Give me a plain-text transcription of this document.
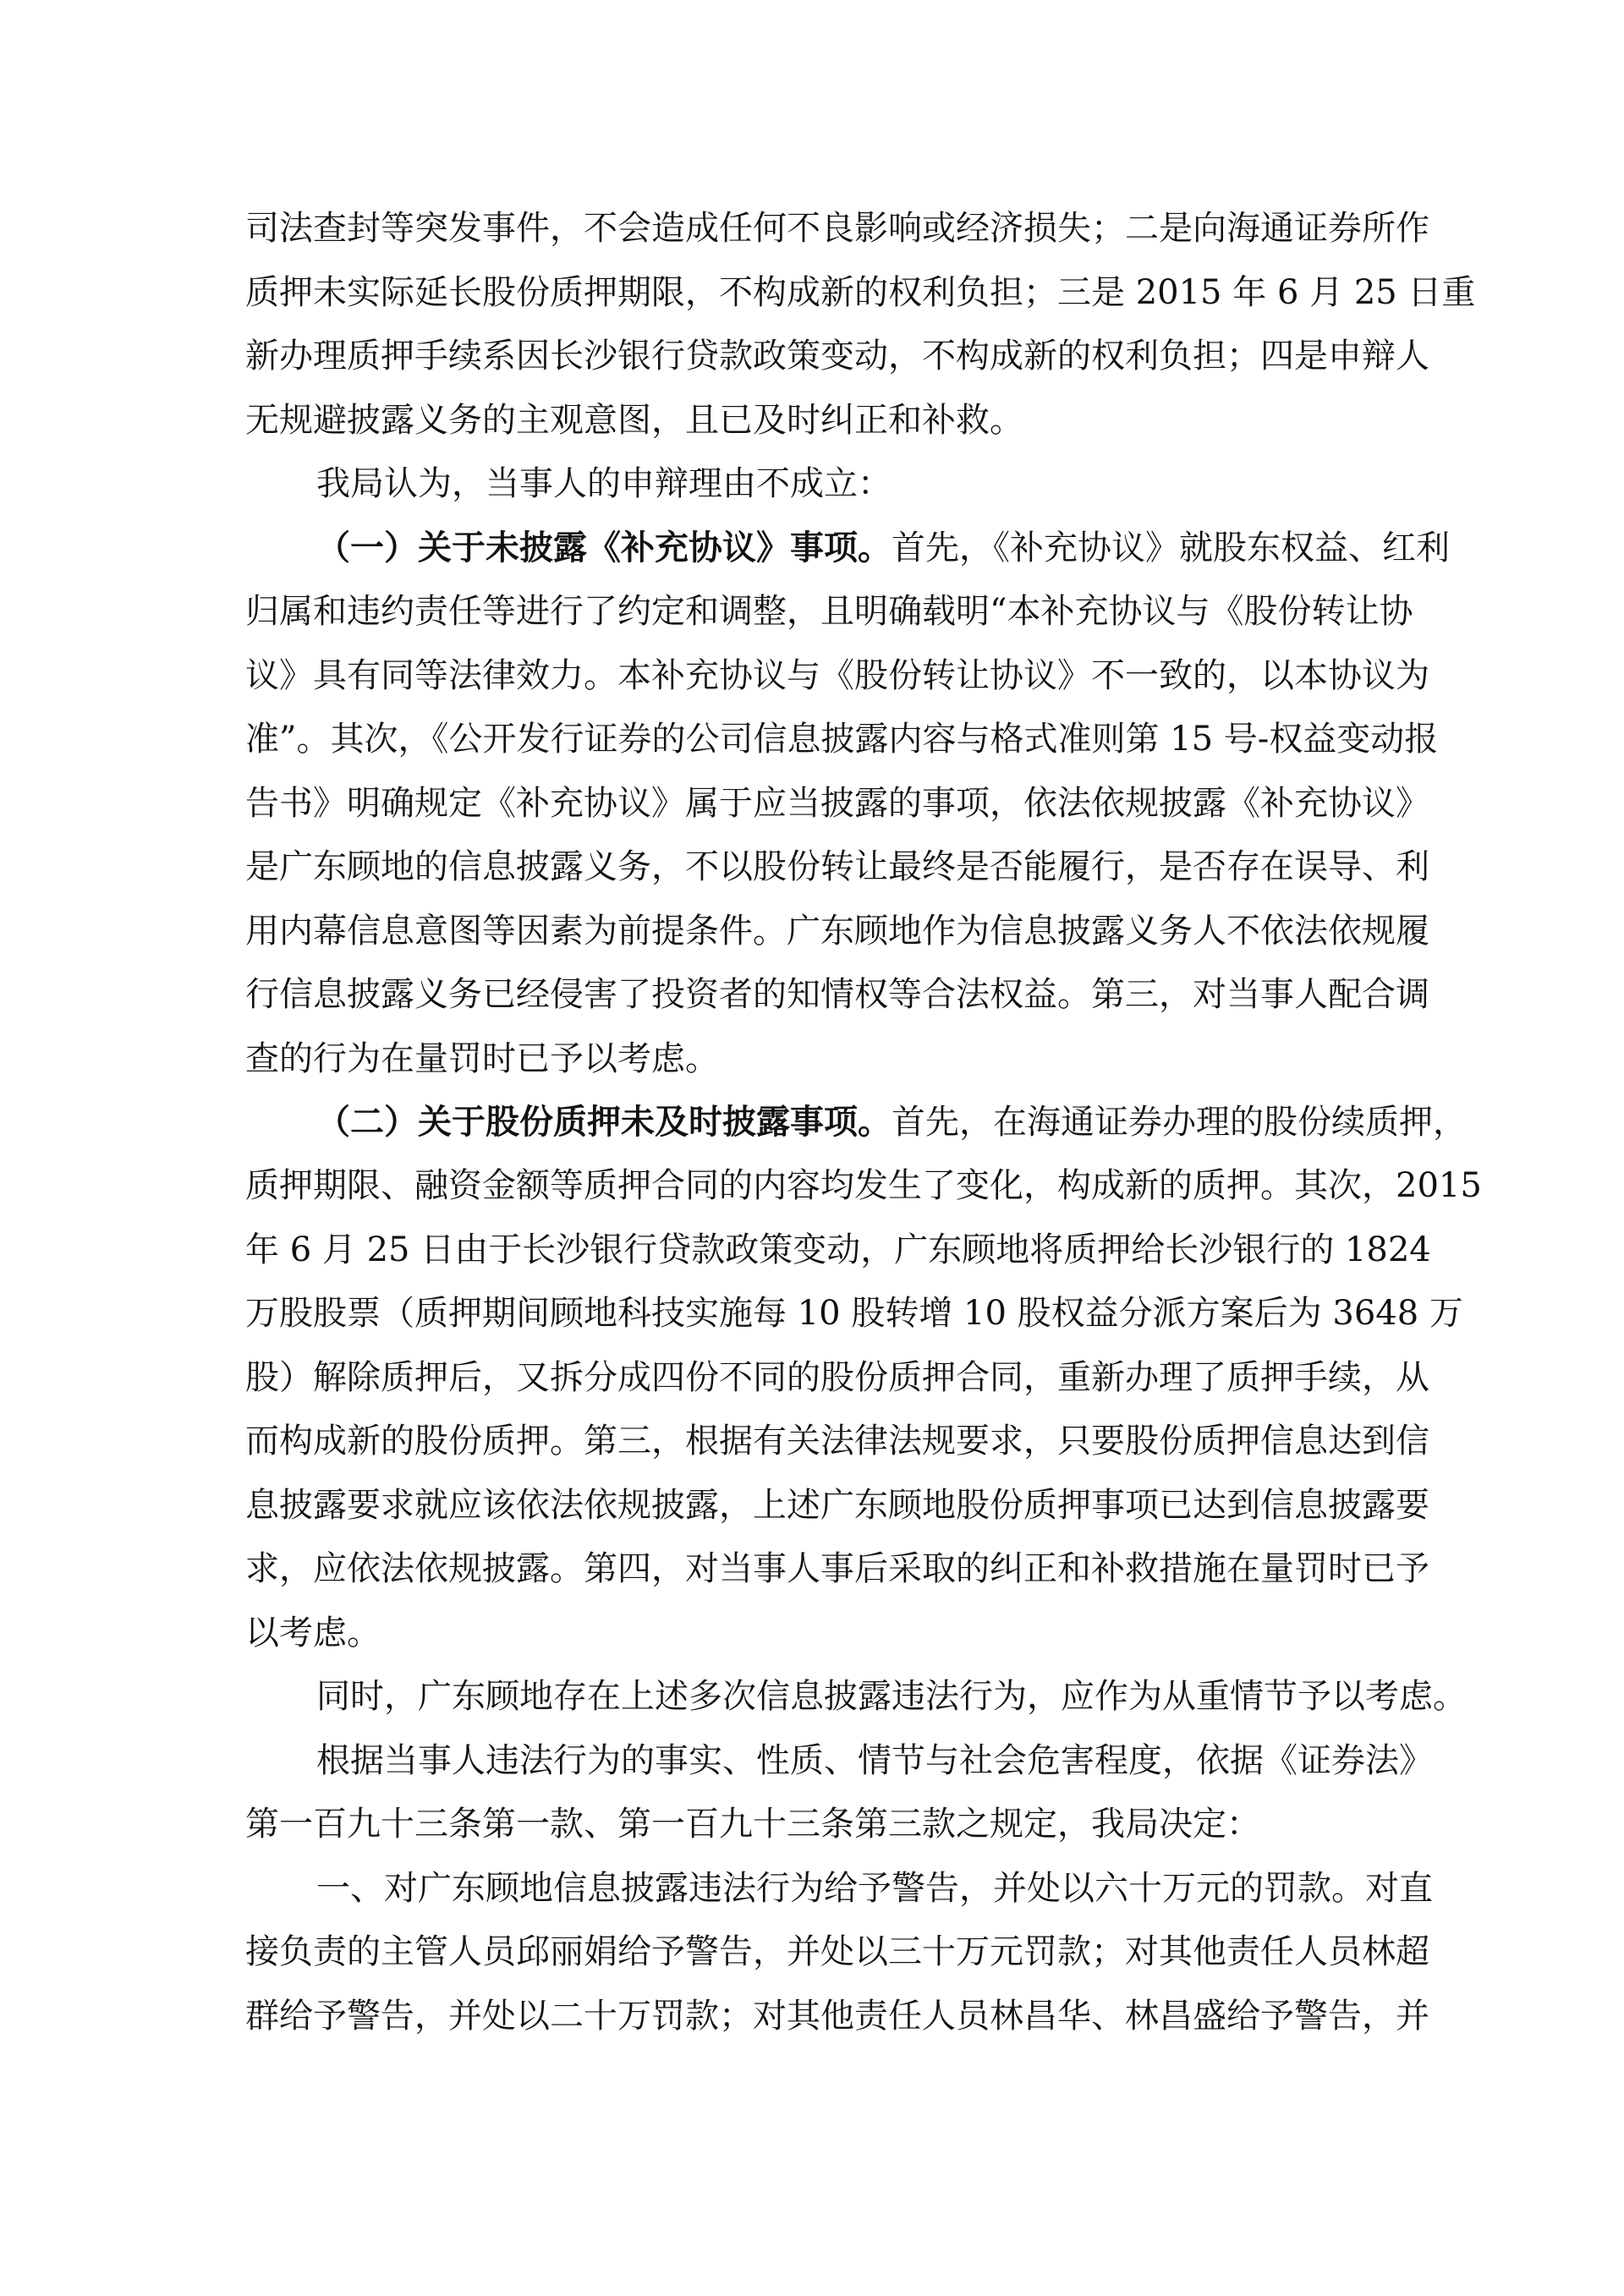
司法查封等突发事件，不会造成任何不良影响或经济损失；二是向海通证券所作
质押未实际延长股份质押期限，不构成新的权利负担；三是 2015 年 6 月 25 日重
新办理质押手续系因长沙银行贷款政策变动，不构成新的权利负担；四是申辩人
无规避披露义务的主观意图，且已及时纠正和补救。
我局认为，当事人的申辩理由不成立：
（一）关于未披露《补充协议》事项。首先，《补充协议》就股东权益、红利
归属和违约责任等进行了约定和调整，且明确载明“本补充协议与《股份转让协
议》具有同等法律效力。本补充协议与《股份转让协议》不一致的，以本协议为
准”。其次，《公开发行证券的公司信息披露内容与格式准则第 15 号-权益变动报
告书》明确规定《补充协议》属于应当披露的事项，依法依规披露《补充协议》
是广东顾地的信息披露义务，不以股份转让最终是否能履行，是否存在误导、利
用内幕信息意图等因素为前提条件。广东顾地作为信息披露义务人不依法依规履
行信息披露义务已经侵害了投资者的知情权等合法权益。第三，对当事人配合调
查的行为在量罚时已予以考虑。
（二）关于股份质押未及时披露事项。首先，在海通证券办理的股份续质押，
质押期限、融资金额等质押合同的内容均发生了变化，构成新的质押。其次，2015
年 6 月 25 日由于长沙银行贷款政策变动，广东顾地将质押给长沙银行的 1824
万股股票（质押期间顾地科技实施每 10 股转增 10 股权益分派方案后为 3648 万
股）解除质押后，又拆分成四份不同的股份质押合同，重新办理了质押手续，从
而构成新的股份质押。第三，根据有关法律法规要求，只要股份质押信息达到信
息披露要求就应该依法依规披露，上述广东顾地股份质押事项已达到信息披露要
求，应依法依规披露。第四，对当事人事后采取的纠正和补救措施在量罚时已予
以考虑。
同时，广东顾地存在上述多次信息披露违法行为，应作为从重情节予以考虑。
根据当事人违法行为的事实、性质、情节与社会危害程度，依据《证券法》
第一百九十三条第一款、第一百九十三条第三款之规定，我局决定：
一、对广东顾地信息披露违法行为给予警告，并处以六十万元的罚款。对直
接负责的主管人员邱丽娟给予警告，并处以三十万元罚款；对其他责任人员林超
群给予警告，并处以二十万罚款；对其他责任人员林昌华、林昌盛给予警告，并
